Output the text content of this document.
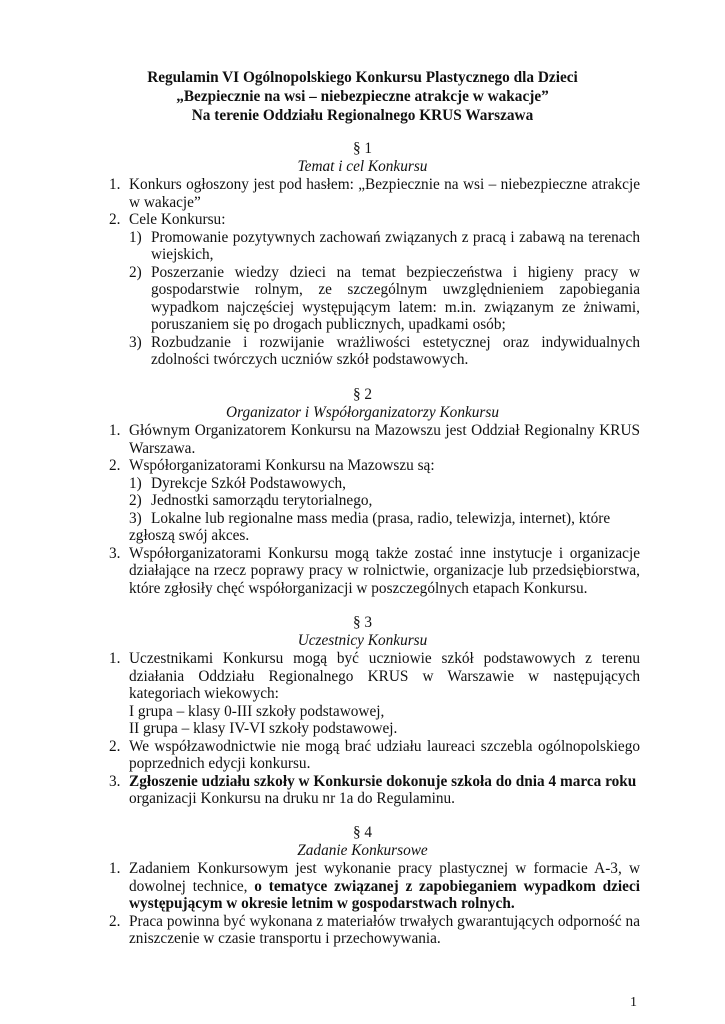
Regulamin VI Ogólnopolskiego Konkursu Plastycznego dla Dzieci
„Bezpiecznie na wsi – niebezpieczne atrakcje w wakacje”
Na terenie Oddziału Regionalnego KRUS Warszawa
§ 1
Temat i cel Konkursu
1. Konkurs ogłoszony jest pod hasłem: „Bezpiecznie na wsi – niebezpieczne atrakcje w wakacje”
2. Cele Konkursu:
1) Promowanie pozytywnych zachowań związanych z pracą i zabawą na terenach wiejskich,
2) Poszerzanie wiedzy dzieci na temat bezpieczeństwa i higieny pracy w gospodarstwie rolnym, ze szczególnym uwzględnieniem zapobiegania wypadkom najczęściej występującym latem: m.in. związanym ze żniwami, poruszaniem się po drogach publicznych, upadkami osób;
3) Rozbudzanie i rozwijanie wrażliwości estetycznej oraz indywidualnych zdolności twórczych uczniów szkół podstawowych.
§ 2
Organizator i Współorganizatorzy Konkursu
1. Głównym Organizatorem Konkursu na Mazowszu jest Oddział Regionalny KRUS Warszawa.
2. Współorganizatorami Konkursu na Mazowszu są:
1) Dyrekcje Szkół Podstawowych,
2) Jednostki samorządu terytorialnego,
3) Lokalne lub regionalne mass media (prasa, radio, telewizja, internet), które
zgłoszą swój akces.
3. Współorganizatorami Konkursu mogą także zostać inne instytucje i organizacje działające na rzecz poprawy pracy w rolnictwie, organizacje lub przedsiębiorstwa, które zgłosiły chęć współorganizacji w poszczególnych etapach Konkursu.
§ 3
Uczestnicy Konkursu
1. Uczestnikami Konkursu mogą być uczniowie szkół podstawowych z terenu działania Oddziału Regionalnego KRUS w Warszawie w następujących kategoriach wiekowych:
I grupa – klasy 0-III szkoły podstawowej,
II grupa – klasy IV-VI szkoły podstawowej.
2. We współzawodnictwie nie mogą brać udziału laureaci szczebla ogólnopolskiego poprzednich edycji konkursu.
3. Zgłoszenie udziału szkoły w Konkursie dokonuje szkoła do dnia 4 marca roku
organizacji Konkursu na druku nr 1a do Regulaminu.
§ 4
Zadanie Konkursowe
1. Zadaniem Konkursowym jest wykonanie pracy plastycznej w formacie A-3, w dowolnej technice, o tematyce związanej z zapobieganiem wypadkom dzieci występującym w okresie letnim w gospodarstwach rolnych.
2. Praca powinna być wykonana z materiałów trwałych gwarantujących odporność na zniszczenie w czasie transportu i przechowywania.
1
